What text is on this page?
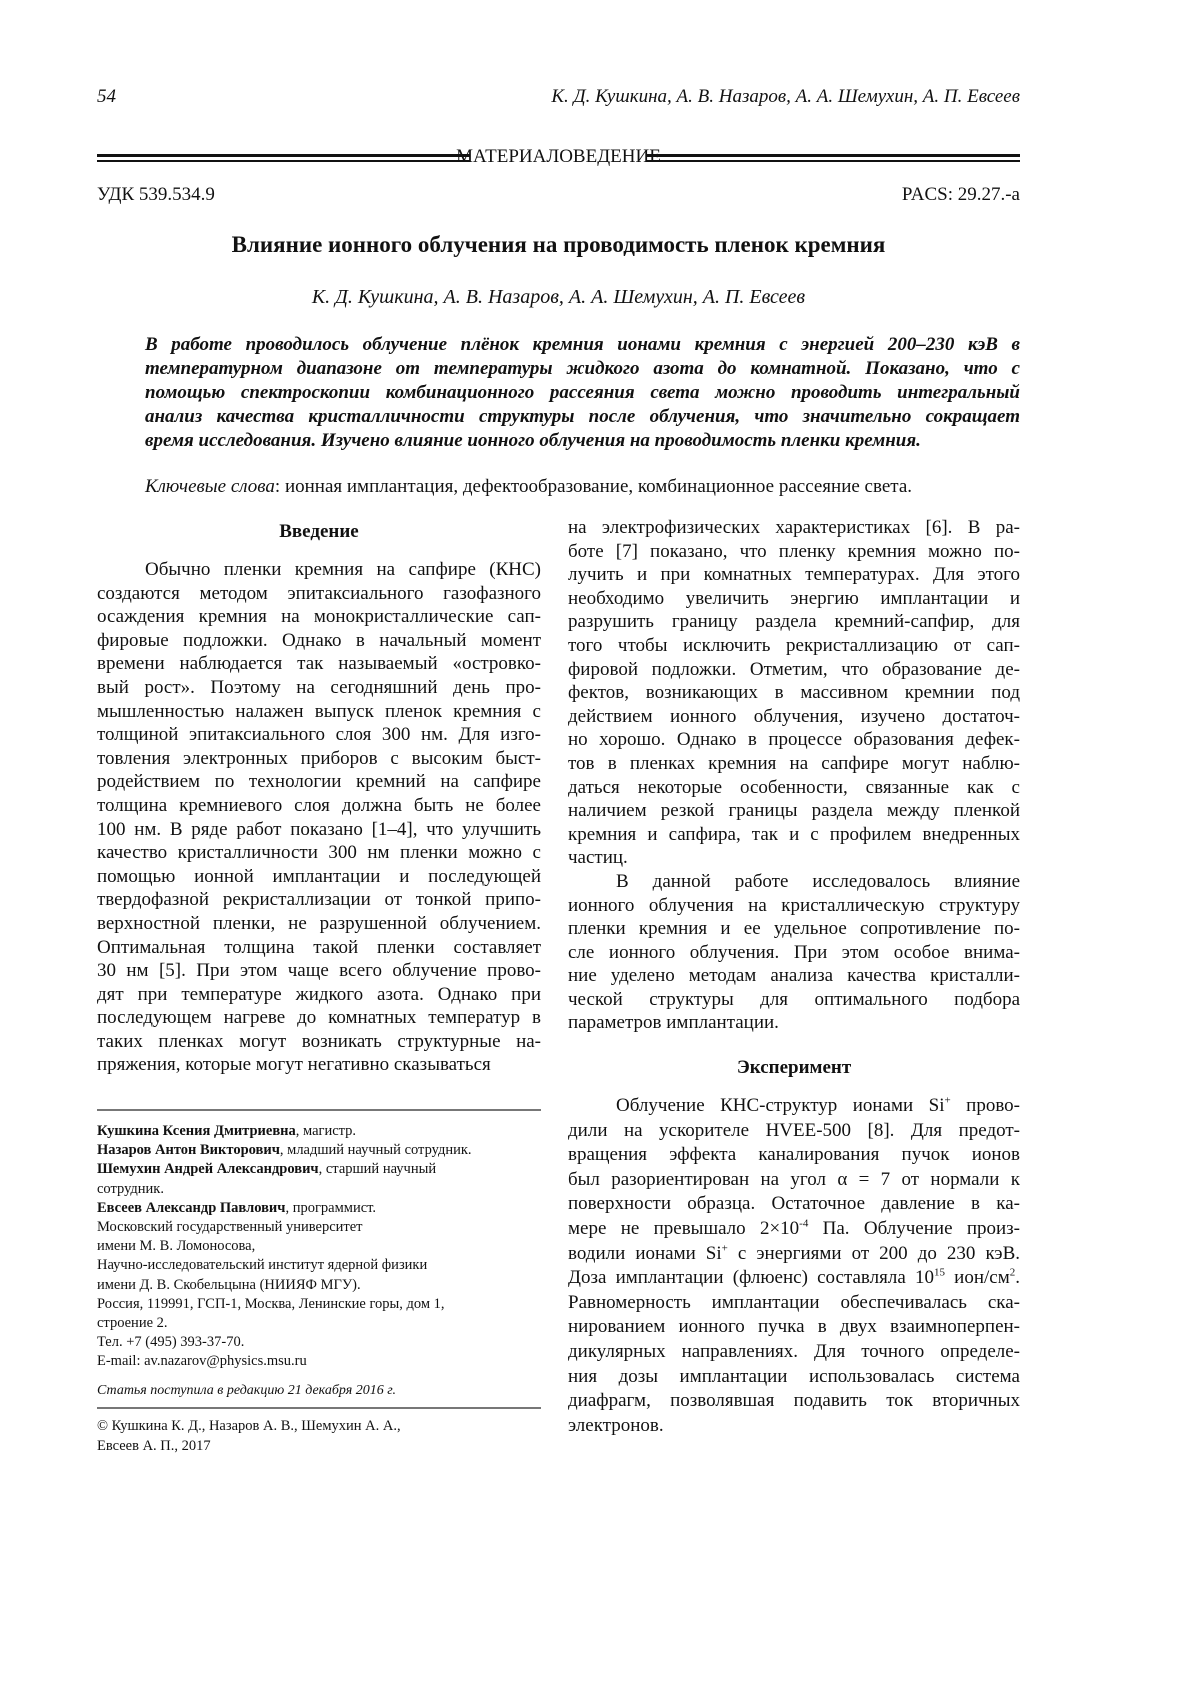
54	К. Д. Кушкина, А. В. Назаров, А. А. Шемухин, А. П. Евсеев
МАТЕРИАЛОВЕДЕНИЕ
УДК 539.534.9	PACS: 29.27.-a
Влияние ионного облучения на проводимость пленок кремния
К. Д. Кушкина, А. В. Назаров, А. А. Шемухин, А. П. Евсеев
В работе проводилось облучение плёнок кремния ионами кремния с энергией 200–230 кэВ в
температурном диапазоне от температуры жидкого азота до комнатной. Показано, что с
помощью спектроскопии комбинационного рассеяния света можно проводить интегральный
анализ качества кристалличности структуры после облучения, что значительно сокращает
время исследования. Изучено влияние ионного облучения на проводимость пленки кремния.
Ключевые слова: ионная имплантация, дефектообразование, комбинационное рассеяние света.
Введение
Обычно пленки кремния на сапфире (КНС)
создаются методом эпитаксиального газофазного
осаждения кремния на монокристаллические сап-
фировые подложки. Однако в начальный момент
времени наблюдается так называемый «островко-
вый рост». Поэтому на сегодняшний день про-
мышленностью налажен выпуск пленок кремния с
толщиной эпитаксиального слоя 300 нм. Для изго-
товления электронных приборов с высоким быст-
родействием по технологии кремний на сапфире
толщина кремниевого слоя должна быть не более
100 нм. В ряде работ показано [1–4], что улучшить
качество кристалличности 300 нм пленки можно с
помощью ионной имплантации и последующей
твердофазной рекристаллизации от тонкой припо-
верхностной пленки, не разрушенной облучением.
Оптимальная толщина такой пленки составляет
30 нм [5]. При этом чаще всего облучение прово-
дят при температуре жидкого азота. Однако при
последующем нагреве до комнатных температур в
таких пленках могут возникать структурные на-
пряжения, которые могут негативно сказываться
на электрофизических характеристиках [6]. В ра-
боте [7] показано, что пленку кремния можно по-
лучить и при комнатных температурах. Для этого
необходимо увеличить энергию имплантации и
разрушить границу раздела кремний-сапфир, для
того чтобы исключить рекристаллизацию от сап-
фировой подложки. Отметим, что образование де-
фектов, возникающих в массивном кремнии под
действием ионного облучения, изучено достаточ-
но хорошо. Однако в процессе образования дефек-
тов в пленках кремния на сапфире могут наблю-
даться некоторые особенности, связанные как с
наличием резкой границы раздела между пленкой
кремния и сапфира, так и с профилем внедренных
частиц.
В данной работе исследовалось влияние
ионного облучения на кристаллическую структуру
пленки кремния и ее удельное сопротивление по-
сле ионного облучения. При этом особое внима-
ние уделено методам анализа качества кристалли-
ческой структуры для оптимального подбора
параметров имплантации.
Эксперимент
Облучение КНС-структур ионами Si+ прово-
дили на ускорителе HVEE-500 [8]. Для предот-
вращения эффекта каналирования пучок ионов
был разориентирован на угол α = 7 от нормали к
поверхности образца. Остаточное давление в ка-
мере не превышало 2×10-4 Па. Облучение произ-
водили ионами Si+ с энергиями от 200 до 230 кэВ.
Доза имплантации (флюенс) составляла 1015 ион/см2.
Равномерность имплантации обеспечивалась ска-
нированием ионного пучка в двух взаимноперпен-
дикулярных направлениях. Для точного определе-
ния дозы имплантации использовалась система
диафрагм, позволявшая подавить ток вторичных
электронов.
Кушкина Ксения Дмитриевна, магистр.
Назаров Антон Викторович, младший научный сотрудник.
Шемухин Андрей Александрович, старший научный
сотрудник.
Евсеев Александр Павлович, программист.
Московский государственный университет
имени М. В. Ломоносова,
Научно-исследовательский институт ядерной физики
имени Д. В. Скобельцына (НИИЯФ МГУ).
Россия, 119991, ГСП-1, Москва, Ленинские горы, дом 1,
строение 2.
Тел. +7 (495) 393-37-70.
E-mail: av.nazarov@physics.msu.ru
Статья поступила в редакцию 21 декабря 2016 г.
© Кушкина К. Д., Назаров А. В., Шемухин А. А.,
Евсеев А. П., 2017
